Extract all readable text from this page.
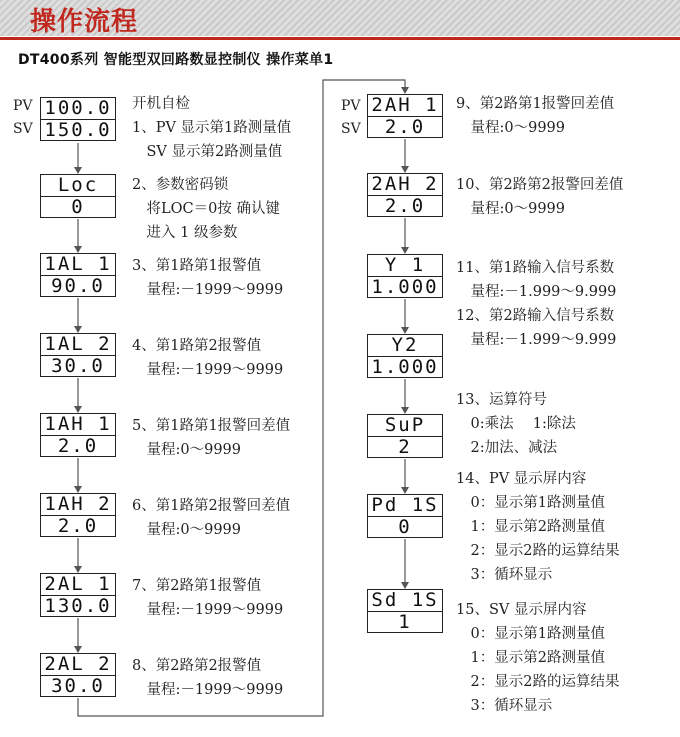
操作流程
DT400系列 智能型双回路数显控制仪 操作菜单1
PV
SV
PV
SV
100.0
150.0
开机自检
1、PV 显示第1路测量值
　SV 显示第2路测量值
Loc
0
2、参数密码锁
　将LOC＝0按 确认键
　进入 1 级参数
1AL 1
90.0
3、第1路第1报警值
　量程:－1999～9999
1AL 2
30.0
4、第1路第2报警值
　量程:－1999～9999
1AH 1
2.0
5、第1路第1报警回差值
　量程:0～9999
1AH 2
2.0
6、第1路第2报警回差值
　量程:0～9999
2AL 1
130.0
7、第2路第1报警值
　量程:－1999～9999
2AL 2
30.0
8、第2路第2报警值
　量程:－1999～9999
2AH 1
2.0
9、第2路第1报警回差值
　量程:0～9999
2AH 2
2.0
10、第2路第2报警回差值
　量程:0～9999
Y 1
1.000
11、第1路输入信号系数
　量程:－1.999～9.999
12、第2路输入信号系数
　量程:－1.999～9.999
Y2
1.000
SuP
2
13、运算符号
　0:乘法　 1:除法
　2:加法、减法
Pd 1S
0
14、PV 显示屏内容
　0：显示第1路测量值
　1：显示第2路测量值
　2：显示2路的运算结果
　3：循环显示
Sd 1S
1
15、SV 显示屏内容
　0：显示第1路测量值
　1：显示第2路测量值
　2：显示2路的运算结果
　3：循环显示
